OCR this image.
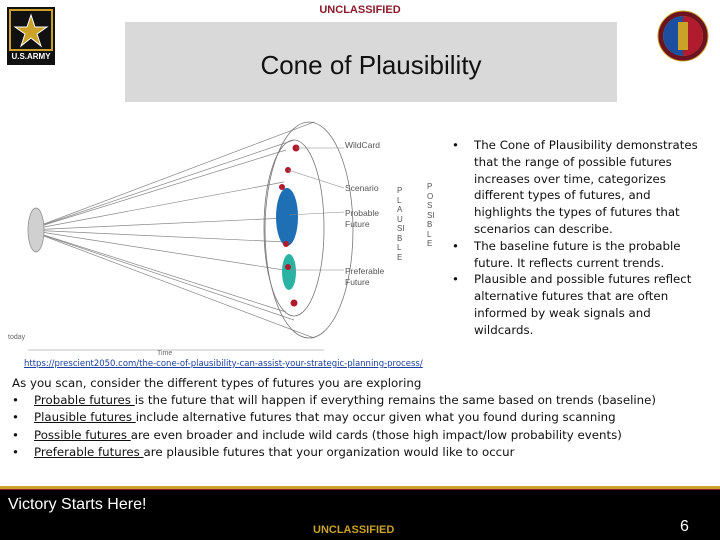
UNCLASSIFIED
U.S.ARMY	Cone of Plausibility
WildCard
Scenario
Probable
Future
Preferable
Future
PLAUSIBLE
POSSIBLE
today
Time
•	The Cone of Plausibility demonstrates that the range of possible futures increases over time, categorizes different types of futures, and highlights the types of futures that scenarios can describe.
•	The baseline future is the probable future. It reflects current trends.
•	Plausible and possible futures reflect alternative futures that are often informed by weak signals and wildcards.
https://prescient2050.com/the-cone-of-plausibility-can-assist-your-strategic-planning-process/
As you scan, consider the different types of futures you are exploring
•	Probable futures is the future that will happen if everything remains the same based on trends (baseline)
•	Plausible futures include alternative futures that may occur given what you found during scanning
•	Possible futures are even broader and include wild cards (those high impact/low probability events)
•	Preferable futures are plausible futures that your organization would like to occur
Victory Starts Here!
UNCLASSIFIED	6
